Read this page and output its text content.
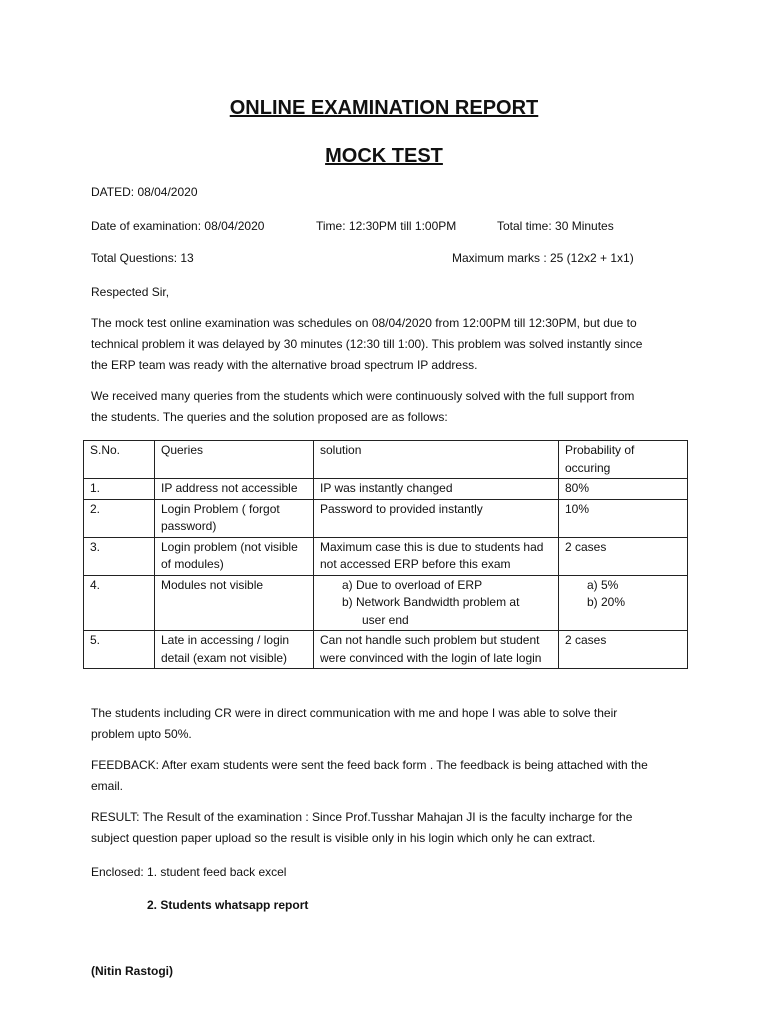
ONLINE EXAMINATION REPORT
MOCK TEST
DATED: 08/04/2020
Date of examination: 08/04/2020	Time: 12:30PM till 1:00PM	Total time: 30 Minutes
Total Questions: 13	Maximum marks : 25 (12x2 + 1x1)
Respected Sir,
The mock test online examination was schedules on 08/04/2020 from 12:00PM till 12:30PM, but due to
technical problem it was delayed by 30 minutes (12:30 till 1:00). This problem was solved instantly since
the ERP team was ready with the alternative broad spectrum IP address.
We received many queries from the students which were continuously solved with the full support from
the students. The queries and the solution proposed are as follows:
S.No.	Queries	solution	Probability of occuring
1.	IP address not accessible	IP was instantly changed	80%
2.	Login Problem ( forgot password)	Password to provided instantly	10%
3.	Login problem (not visible of modules)	Maximum case this is due to students had not accessed ERP before this exam	2 cases
4.	Modules not visible	a) Due to overload of ERP
b) Network Bandwidth problem at
user end	a) 5%
b) 20%

5.	Late in accessing / login detail (exam not visible)	Can not handle such problem but student were convinced with the login of late login	2 cases
The students including CR were in direct communication with me and hope I was able to solve their
problem upto 50%.
FEEDBACK: After exam students were sent the feed back form . The feedback is being attached with the
email.
RESULT: The Result of the examination : Since Prof.Tusshar Mahajan JI is the faculty incharge for the
subject question paper upload so the result is visible only in his login which only he can extract.
Enclosed: 1. student feed back excel
2. Students whatsapp report
(Nitin Rastogi)
